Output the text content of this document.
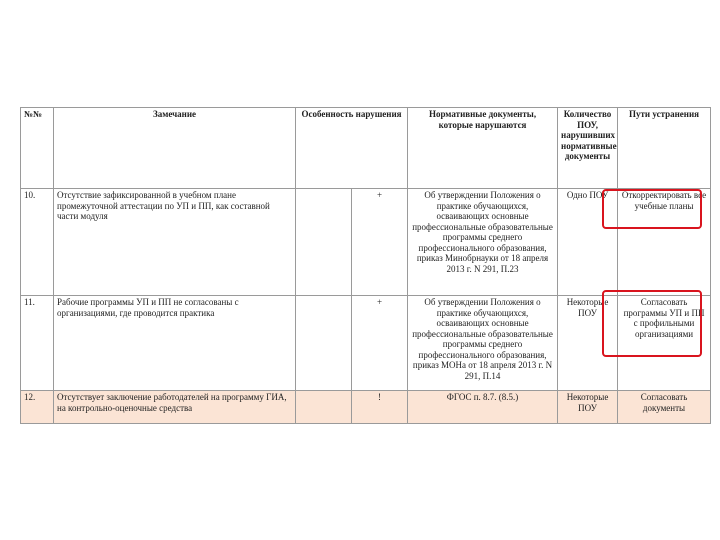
№№	Замечание	Особенность нарушения		Нормативные документы, которые нарушаются	Количество ПОУ, нарушивших нормативные документы	Пути устранения
10.	Отсутствие зафиксированной в учебном плане промежуточной аттестации по УП и ПП, как составной части модуля		+	Об утверждении Положения о практике обучающихся, осваивающих основные профессиональные образовательные программы среднего профессионального образования, приказ Минобрнауки от 18 апреля 2013 г. N 291, П.23	Одно ПОУ	Откорректировать все учебные планы
11.	Рабочие программы УП и ПП не согласованы с организациями, где проводится практика		+	Об утверждении Положения о практике обучающихся, осваивающих основные профессиональные образовательные программы среднего профессионального образования, приказ МОНа от 18 апреля 2013 г. N 291, П.14	Некоторые ПОУ	Согласовать программы УП и ПП с профильными организациями
12.	Отсутствует заключение работодателей на программу ГИА, на контрольно-оценочные средства		!	ФГОС п. 8.7. (8.5.)	Некоторые ПОУ	Согласовать документы
